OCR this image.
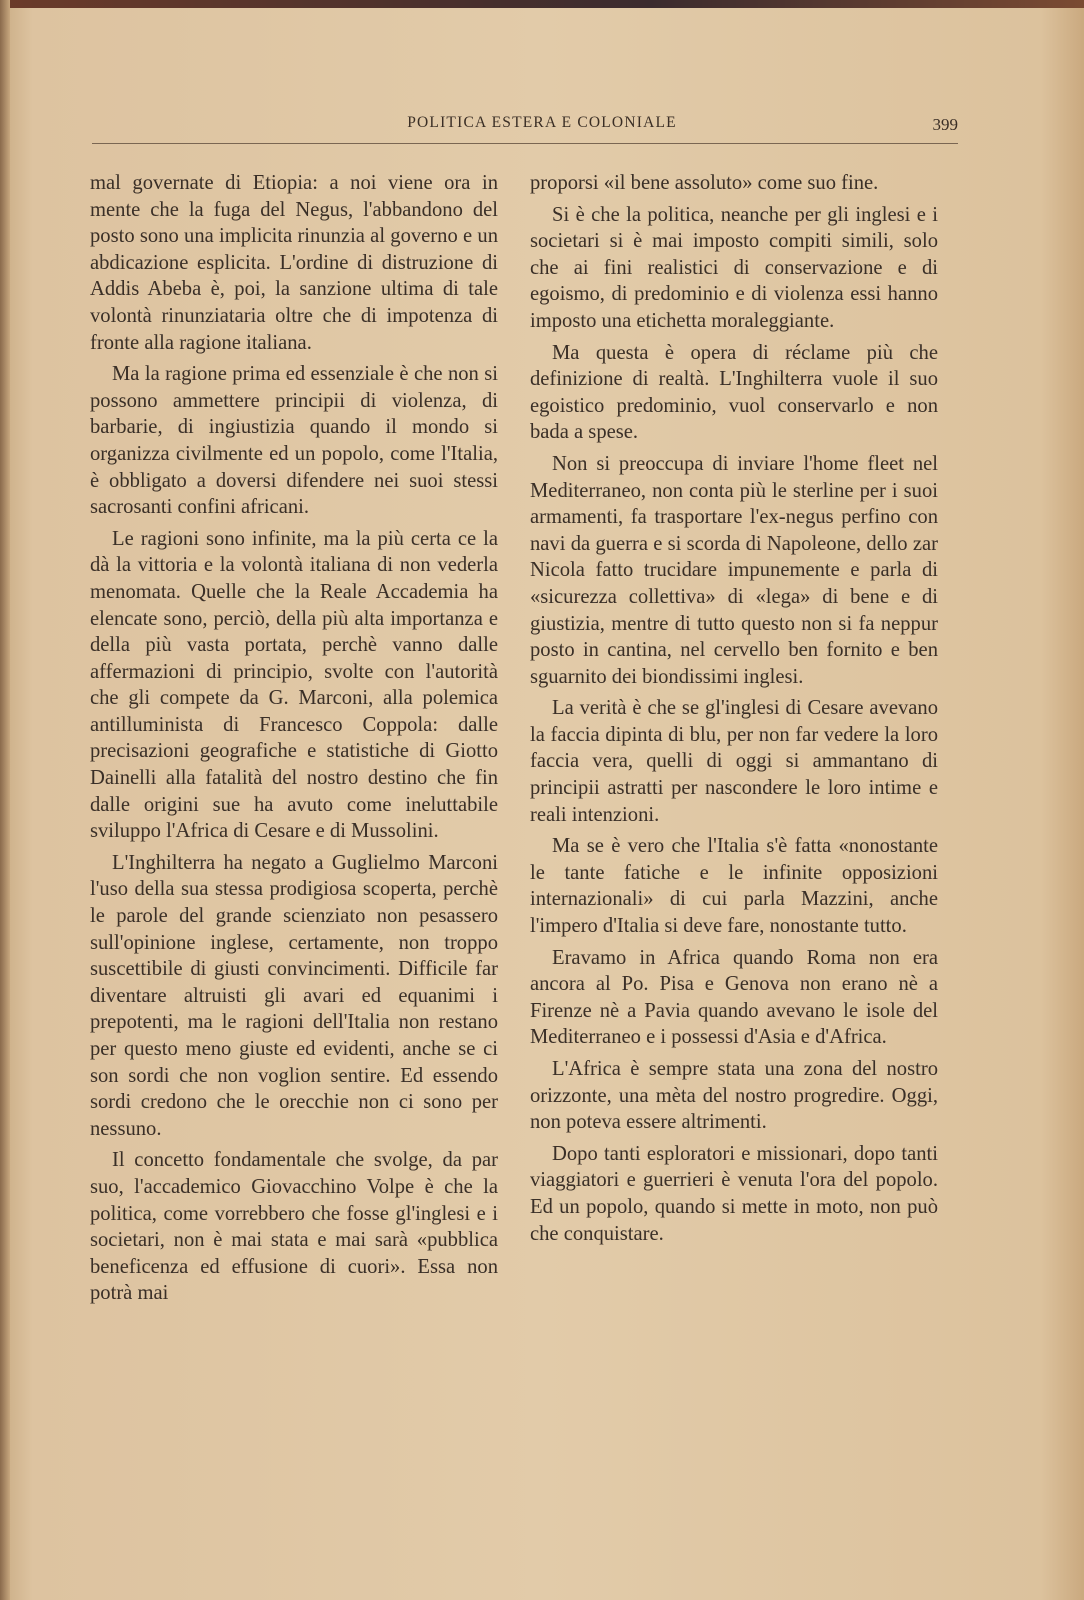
POLITICA ESTERA E COLONIALE	399

mal governate di Etiopia: a noi viene ora in mente che la fuga del Negus, l'abbandono del posto sono una implicita rinunzia al governo e un abdicazione esplicita. L'ordine di distruzione di Addis Abeba è, poi, la sanzione ultima di tale volontà rinunziataria oltre che di impotenza di fronte alla ragione italiana.

Ma la ragione prima ed essenziale è che non si possono ammettere principii di violenza, di barbarie, di ingiustizia quando il mondo si organizza civilmente ed un popolo, come l'Italia, è obbligato a doversi difendere nei suoi stessi sacrosanti confini africani.

Le ragioni sono infinite, ma la più certa ce la dà la vittoria e la volontà italiana di non vederla menomata. Quelle che la Reale Accademia ha elencate sono, perciò, della più alta importanza e della più vasta portata, perchè vanno dalle affermazioni di principio, svolte con l'autorità che gli compete da G. Marconi, alla polemica antilluminista di Francesco Coppola: dalle precisazioni geografiche e statistiche di Giotto Dainelli alla fatalità del nostro destino che fin dalle origini sue ha avuto come ineluttabile sviluppo l'Africa di Cesare e di Mussolini.

L'Inghilterra ha negato a Guglielmo Marconi l'uso della sua stessa prodigiosa scoperta, perchè le parole del grande scienziato non pesassero sull'opinione inglese, certamente, non troppo suscettibile di giusti convincimenti. Difficile far diventare altruisti gli avari ed equanimi i prepotenti, ma le ragioni dell'Italia non restano per questo meno giuste ed evidenti, anche se ci son sordi che non voglion sentire. Ed essendo sordi credono che le orecchie non ci sono per nessuno.

Il concetto fondamentale che svolge, da par suo, l'accademico Giovacchino Volpe è che la politica, come vorrebbero che fosse gl'inglesi e i societari, non è mai stata e mai sarà «pubblica beneficenza ed effusione di cuori». Essa non potrà mai

proporsi «il bene assoluto» come suo fine.

Si è che la politica, neanche per gli inglesi e i societari si è mai imposto compiti simili, solo che ai fini realistici di conservazione e di egoismo, di predominio e di violenza essi hanno imposto una etichetta moraleggiante.

Ma questa è opera di réclame più che definizione di realtà. L'Inghilterra vuole il suo egoistico predominio, vuol conservarlo e non bada a spese.

Non si preoccupa di inviare l'home fleet nel Mediterraneo, non conta più le sterline per i suoi armamenti, fa trasportare l'ex-negus perfino con navi da guerra e si scorda di Napoleone, dello zar Nicola fatto trucidare impunemente e parla di «sicurezza collettiva» di «lega» di bene e di giustizia, mentre di tutto questo non si fa neppur posto in cantina, nel cervello ben fornito e ben sguarnito dei biondissimi inglesi.

La verità è che se gl'inglesi di Cesare avevano la faccia dipinta di blu, per non far vedere la loro faccia vera, quelli di oggi si ammantano di principii astratti per nascondere le loro intime e reali intenzioni.

Ma se è vero che l'Italia s'è fatta «nonostante le tante fatiche e le infinite opposizioni internazionali» di cui parla Mazzini, anche l'impero d'Italia si deve fare, nonostante tutto.

Eravamo in Africa quando Roma non era ancora al Po. Pisa e Genova non erano nè a Firenze nè a Pavia quando avevano le isole del Mediterraneo e i possessi d'Asia e d'Africa.

L'Africa è sempre stata una zona del nostro orizzonte, una mèta del nostro progredire. Oggi, non poteva essere altrimenti.

Dopo tanti esploratori e missionari, dopo tanti viaggiatori e guerrieri è venuta l'ora del popolo. Ed un popolo, quando si mette in moto, non può che conquistare.
